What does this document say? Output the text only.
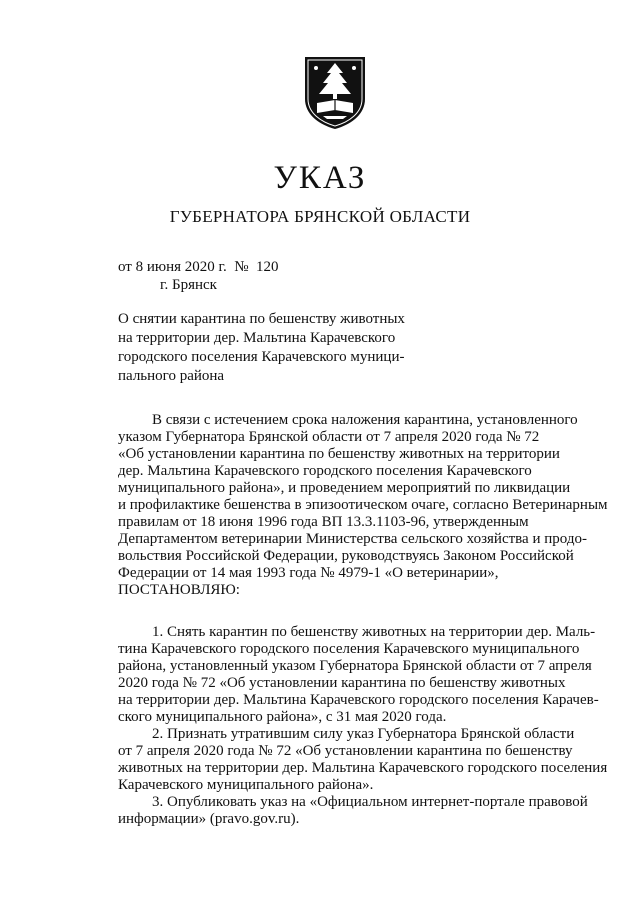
УКАЗ
ГУБЕРНАТОРА БРЯНСКОЙ ОБЛАСТИ
от 8 июня 2020 г.  №  120
г. Брянск
О снятии карантина по бешенству животных
на территории дер. Мальтина Карачевского
городского поселения Карачевского муници-
пального района
В связи с истечением срока наложения карантина, установленного
указом Губернатора Брянской области от 7 апреля 2020 года № 72
«Об установлении карантина по бешенству животных на территории
дер. Мальтина Карачевского городского поселения Карачевского
муниципального района», и проведением мероприятий по ликвидации
и профилактике бешенства в эпизоотическом очаге, согласно Ветеринарным
правилам от 18 июня 1996 года ВП 13.3.1103-96, утвержденным
Департаментом ветеринарии Министерства сельского хозяйства и продо-
вольствия Российской Федерации, руководствуясь Законом Российской
Федерации от 14 мая 1993 года № 4979-1 «О ветеринарии»,
ПОСТАНОВЛЯЮ:
1. Снять карантин по бешенству животных на территории дер. Маль-
тина Карачевского городского поселения Карачевского муниципального
района, установленный указом Губернатора Брянской области от 7 апреля
2020 года № 72 «Об установлении карантина по бешенству животных
на территории дер. Мальтина Карачевского городского поселения Карачев-
ского муниципального района», с 31 мая 2020 года.
2. Признать утратившим силу указ Губернатора Брянской области
от 7 апреля 2020 года № 72 «Об установлении карантина по бешенству
животных на территории дер. Мальтина Карачевского городского поселения
Карачевского муниципального района».
3. Опубликовать указ на «Официальном интернет-портале правовой
информации» (pravo.gov.ru).
